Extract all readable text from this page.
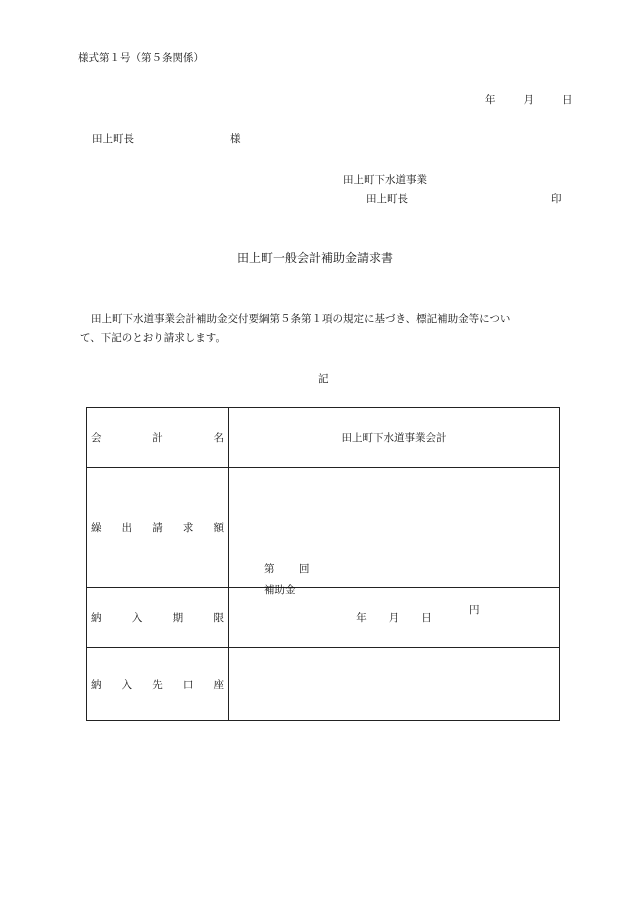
様式第１号（第５条関係）
年	月	日
田上町長	様
田上町下水道事業
田上町長	印
田上町一般会計補助金請求書
田上町下水道事業会計補助金交付要綱第５条第１項の規定に基づき、標記補助金等につい
て、下記のとおり請求します。
記
会 計 名	田上町下水道事業会計

繰 出 請 求 額	第 回
補助金
円

納 入 期 限	年 月 日

納 入 先 口 座	
